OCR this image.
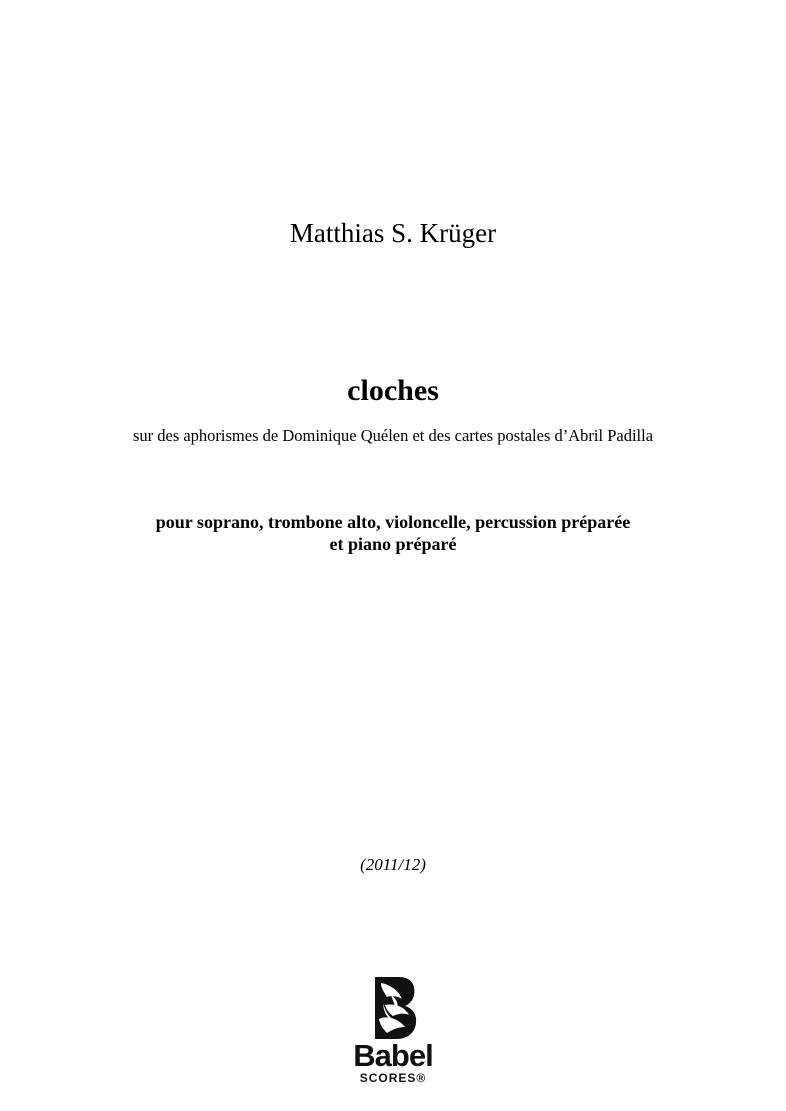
Matthias S. Krüger
cloches
sur des aphorismes de Dominique Quélen et des cartes postales d’Abril Padilla
pour soprano, trombone alto, violoncelle, percussion préparée
et piano préparé
(2011/12)
Babel
SCORES®
